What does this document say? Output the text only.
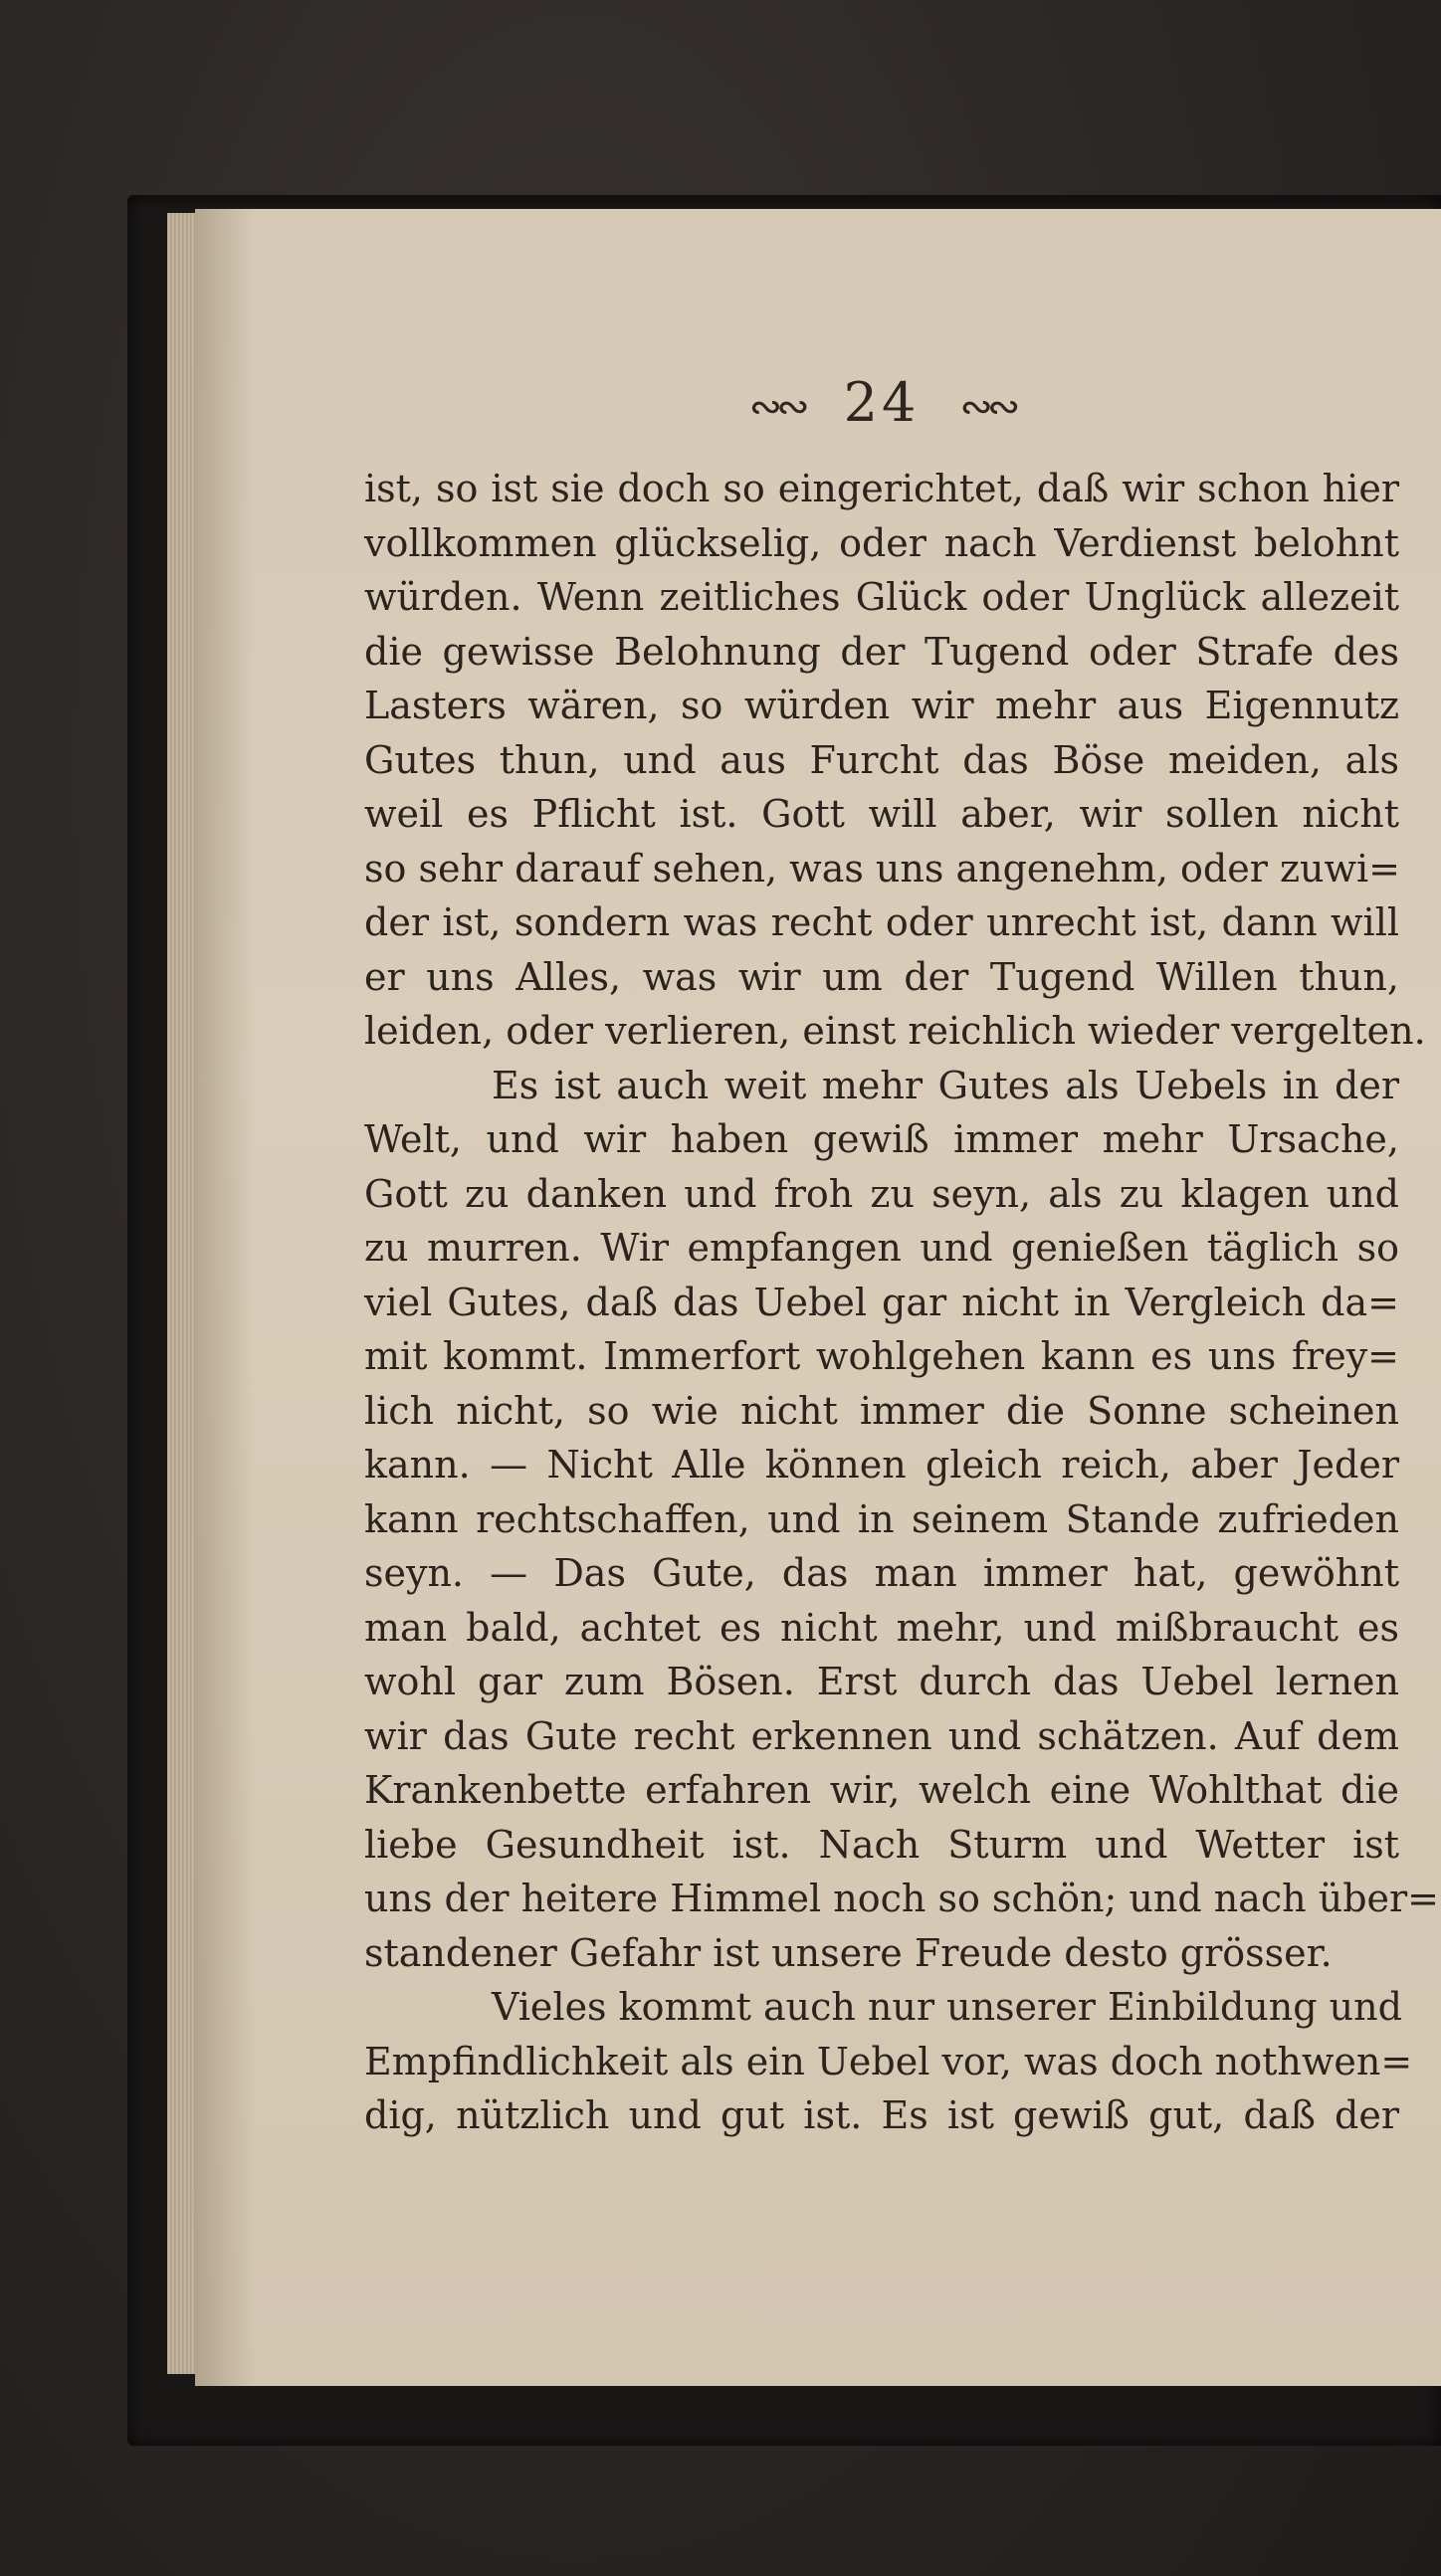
∾∾ 24 ∾∾
ist, so ist sie doch so eingerichtet, daß wir schon hier
vollkommen glückselig, oder nach Verdienst belohnt
würden. Wenn zeitliches Glück oder Unglück allezeit
die gewisse Belohnung der Tugend oder Strafe des
Lasters wären, so würden wir mehr aus Eigennutz
Gutes thun, und aus Furcht das Böse meiden, als
weil es Pflicht ist. Gott will aber, wir sollen nicht
so sehr darauf sehen, was uns angenehm, oder zuwi=
der ist, sondern was recht oder unrecht ist, dann will
er uns Alles, was wir um der Tugend Willen thun,
leiden, oder verlieren, einst reichlich wieder vergelten.
Es ist auch weit mehr Gutes als Uebels in der
Welt, und wir haben gewiß immer mehr Ursache,
Gott zu danken und froh zu seyn, als zu klagen und
zu murren. Wir empfangen und genießen täglich so
viel Gutes, daß das Uebel gar nicht in Vergleich da=
mit kommt. Immerfort wohlgehen kann es uns frey=
lich nicht, so wie nicht immer die Sonne scheinen
kann. — Nicht Alle können gleich reich, aber Jeder
kann rechtschaffen, und in seinem Stande zufrieden
seyn. — Das Gute, das man immer hat, gewöhnt
man bald, achtet es nicht mehr, und mißbraucht es
wohl gar zum Bösen. Erst durch das Uebel lernen
wir das Gute recht erkennen und schätzen. Auf dem
Krankenbette erfahren wir, welch eine Wohlthat die
liebe Gesundheit ist. Nach Sturm und Wetter ist
uns der heitere Himmel noch so schön; und nach über=
standener Gefahr ist unsere Freude desto grösser.
Vieles kommt auch nur unserer Einbildung und
Empfindlichkeit als ein Uebel vor, was doch nothwen=
dig, nützlich und gut ist. Es ist gewiß gut, daß der
